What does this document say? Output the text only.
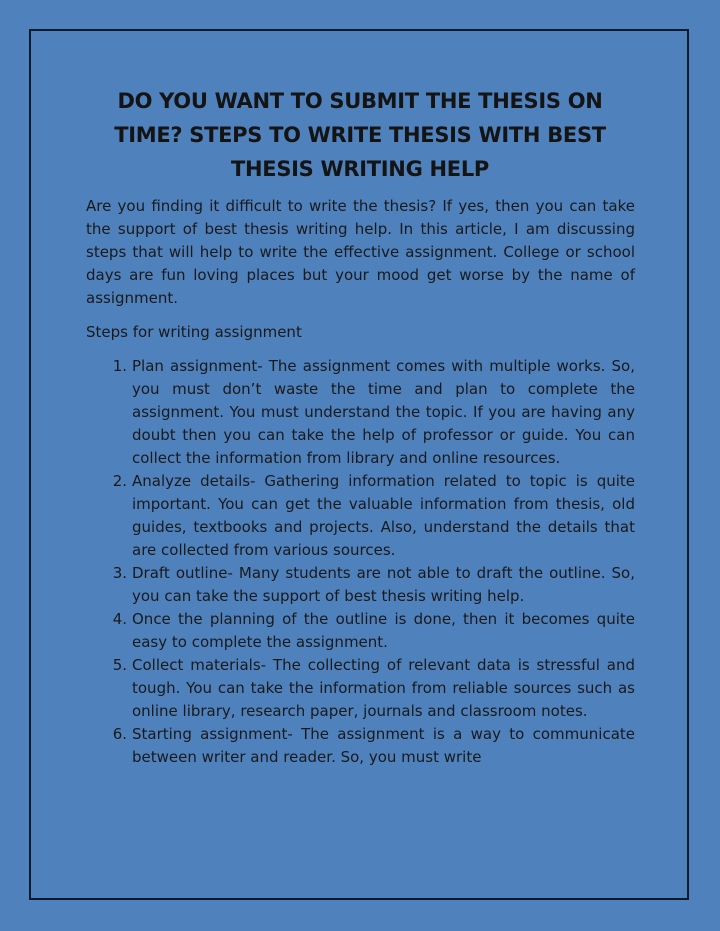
DO YOU WANT TO SUBMIT THE THESIS ON TIME? STEPS TO WRITE THESIS WITH BEST THESIS WRITING HELP

Are you finding it difficult to write the thesis? If yes, then you can take the support of best thesis writing help. In this article, I am discussing steps that will help to write the effective assignment. College or school days are fun loving places but your mood get worse by the name of assignment.

Steps for writing assignment

1. Plan assignment- The assignment comes with multiple works. So, you must don’t waste the time and plan to complete the assignment. You must understand the topic. If you are having any doubt then you can take the help of professor or guide. You can collect the information from library and online resources.
2. Analyze details- Gathering information related to topic is quite important. You can get the valuable information from thesis, old guides, textbooks and projects. Also, understand the details that are collected from various sources.
3. Draft outline- Many students are not able to draft the outline. So, you can take the support of best thesis writing help.
4. Once the planning of the outline is done, then it becomes quite easy to complete the assignment.
5. Collect materials- The collecting of relevant data is stressful and tough. You can take the information from reliable sources such as online library, research paper, journals and classroom notes.
6. Starting assignment- The assignment is a way to communicate between writer and reader. So, you must write
